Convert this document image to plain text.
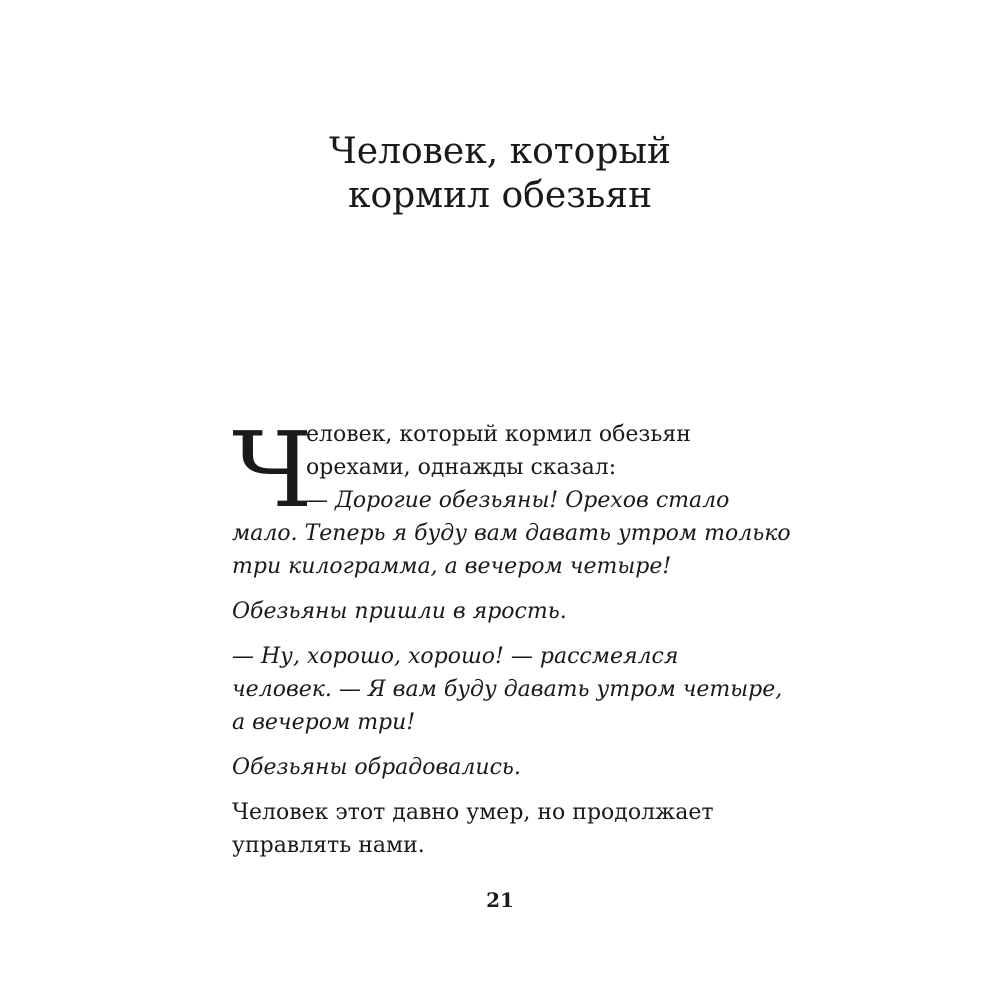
Человек, который
кормил обезьян
Ч
еловек, который кормил обезьян
орехами, однажды сказал:
— Дорогие обезьяны! Орехов стало
мало. Теперь я буду вам давать утром только
три килограмма, а вечером четыре!
Обезьяны пришли в ярость.
— Ну, хорошо, хорошо! — рассмеялся
человек. — Я вам буду давать утром четыре,
а вечером три!
Обезьяны обрадовались.
Человек этот давно умер, но продолжает
управлять нами.
21
